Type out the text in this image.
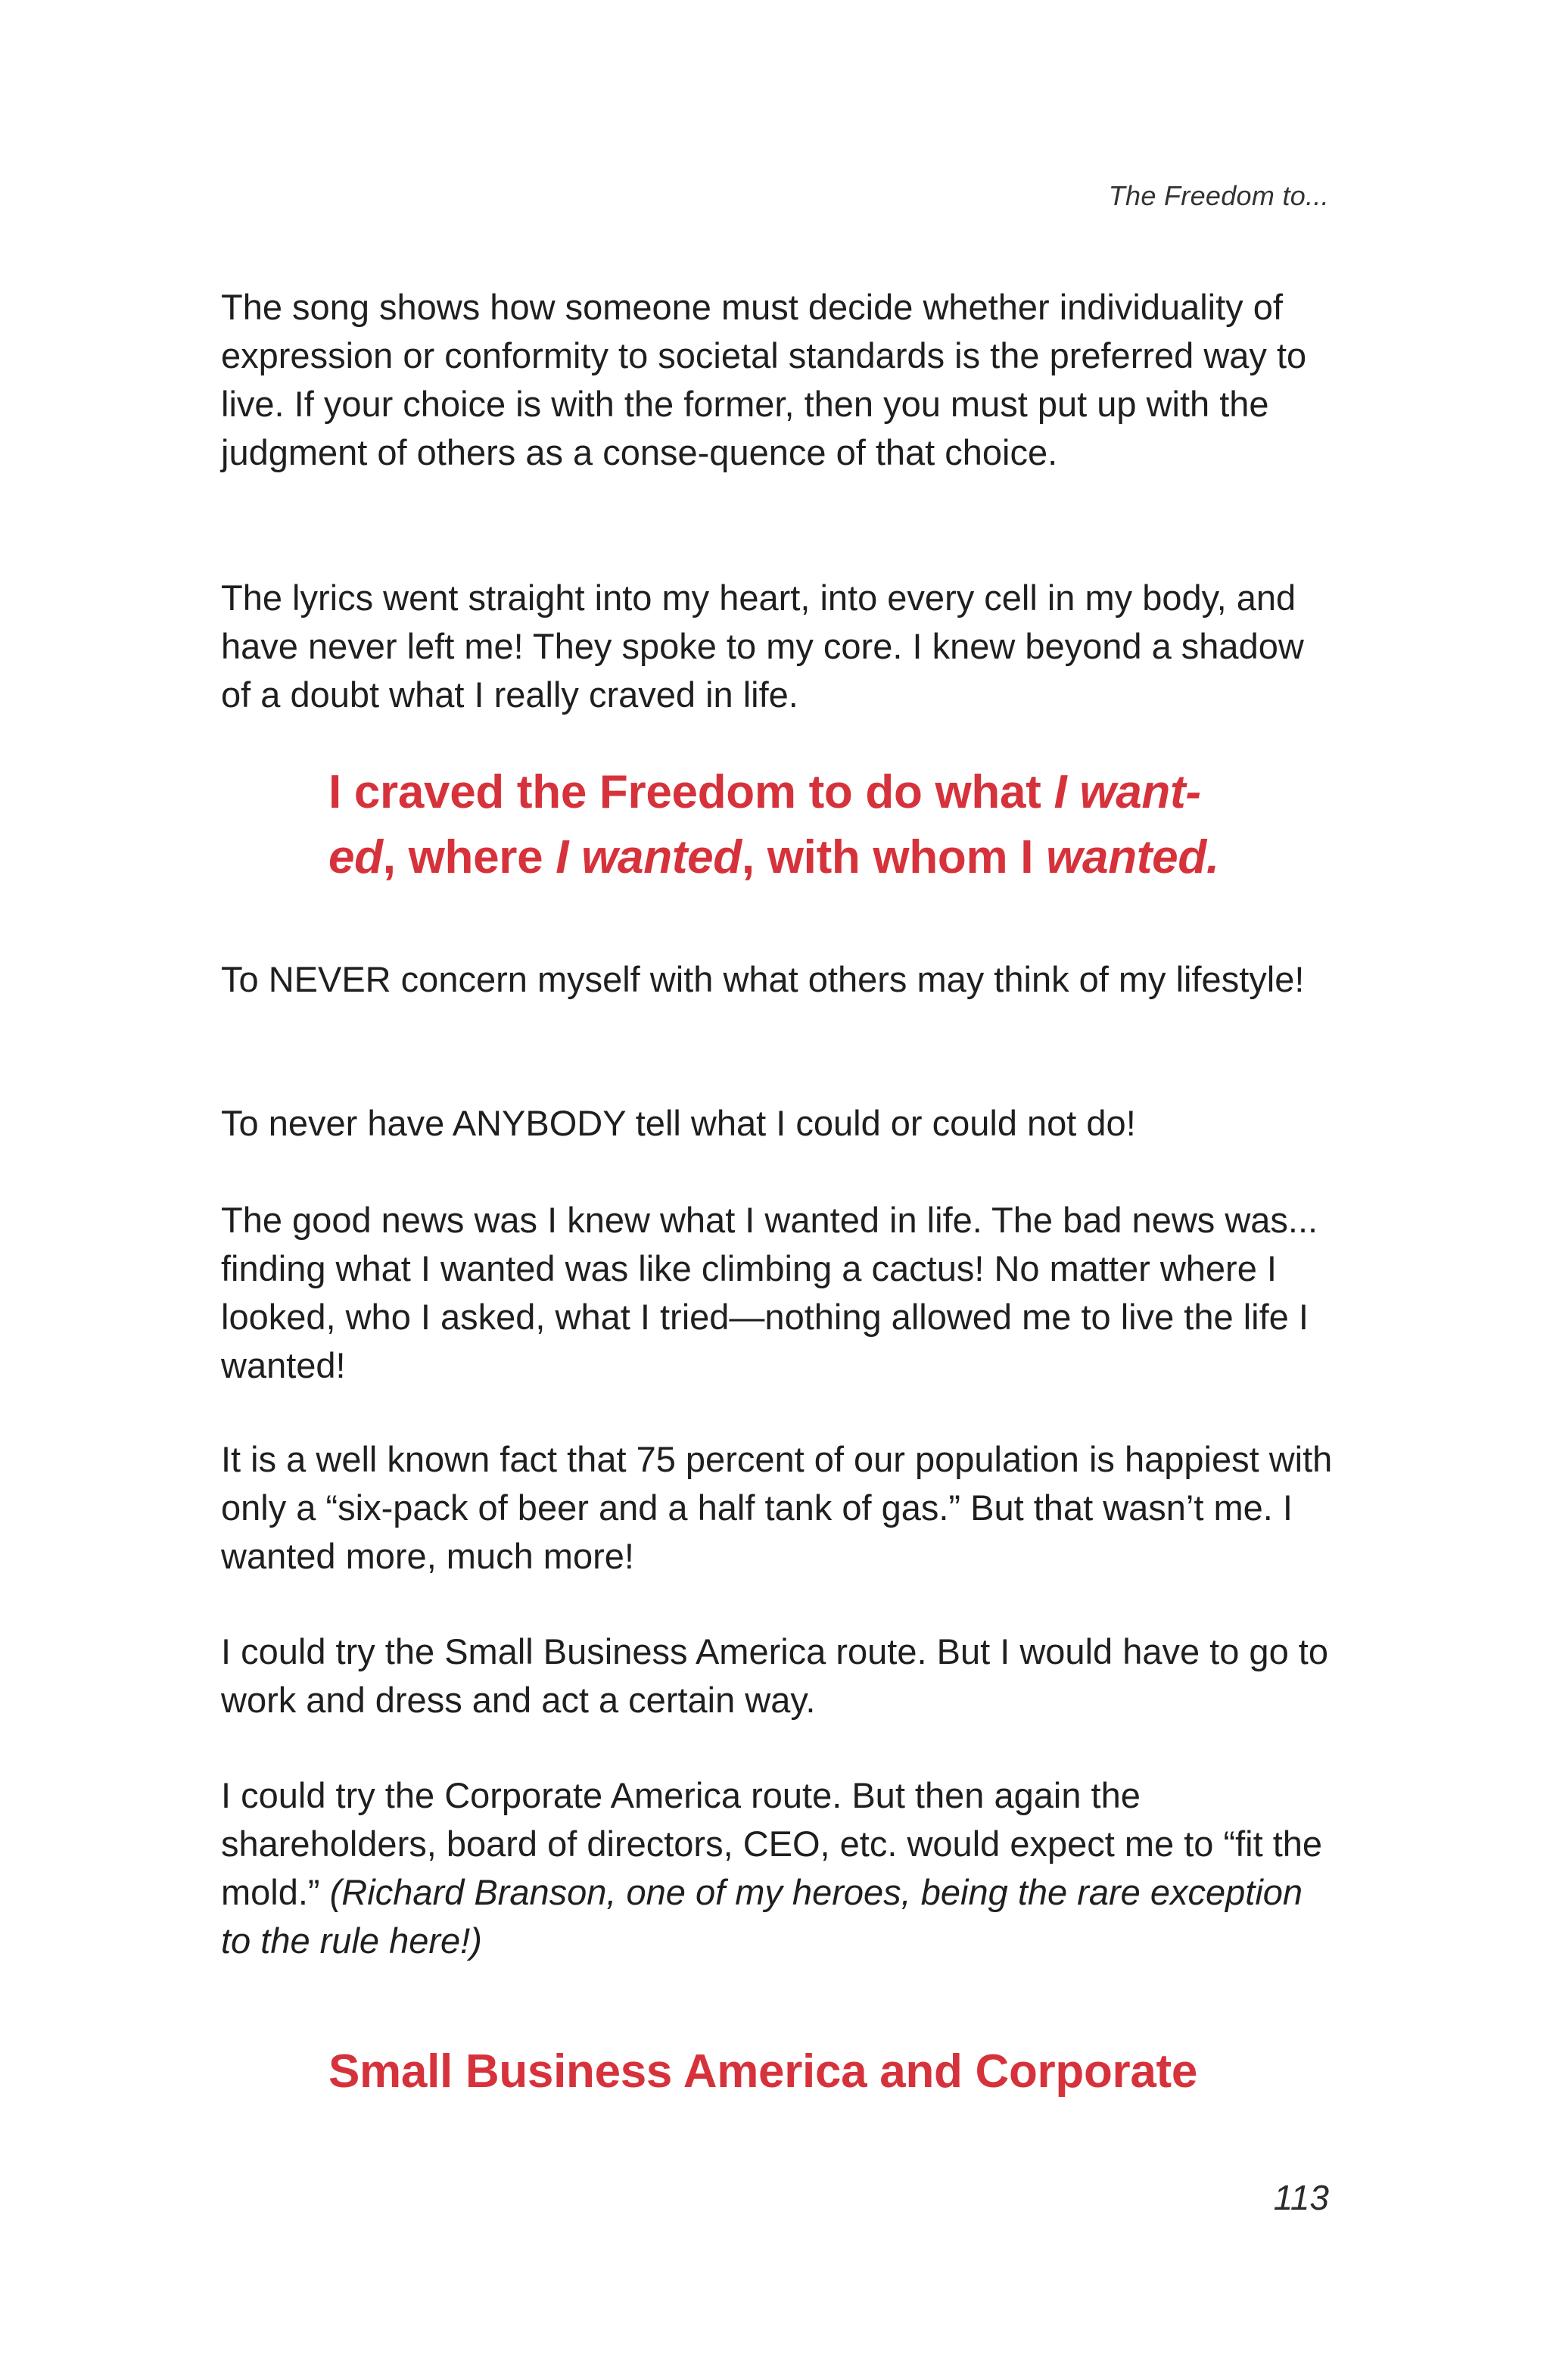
The Freedom to...

The song shows how someone must decide whether individuality of expression or conformity to societal standards is the preferred way to live. If your choice is with the former, then you must put up with the judgment of others as a conse-quence of that choice.

The lyrics went straight into my heart, into every cell in my body, and have never left me! They spoke to my core. I knew beyond a shadow of a doubt what I really craved in life.

I craved the Freedom to do what I want-
ed, where I wanted, with whom I wanted.

To NEVER concern myself with what others may think of my lifestyle!

To never have ANYBODY tell what I could or could not do!

The good news was I knew what I wanted in life. The bad news was... finding what I wanted was like climbing a cactus! No matter where I looked, who I asked, what I tried—nothing allowed me to live the life I wanted!

It is a well known fact that 75 percent of our population is happiest with only a “six-pack of beer and a half tank of gas.” But that wasn’t me. I wanted more, much more!

I could try the Small Business America route. But I would have to go to work and dress and act a certain way.

I could try the Corporate America route. But then again the shareholders, board of directors, CEO, etc. would expect me to “fit the mold.” (Richard Branson, one of my heroes, being the rare exception to the rule here!)

Small Business America and Corporate
113
